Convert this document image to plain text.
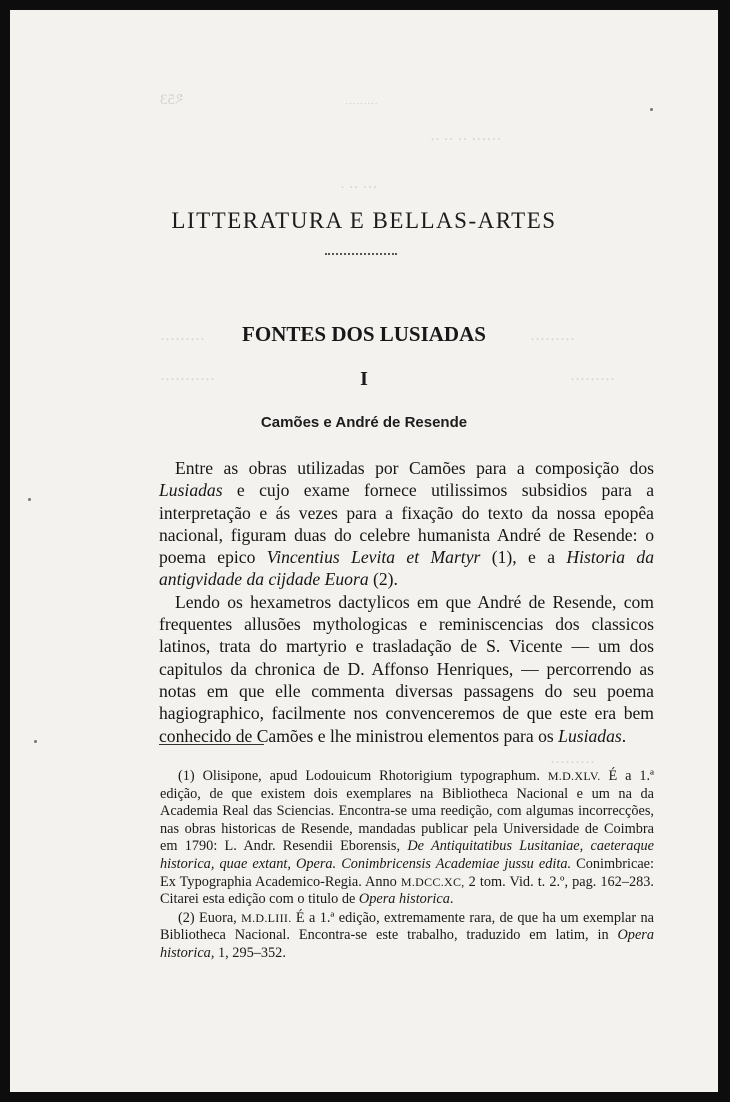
ঽ53	·········
·· ·· ·· ······
· ·· ···
·········	·········
···········	·········
·········
LITTERATURA E BELLAS-ARTES
FONTES DOS LUSIADAS
I
Camões e André de Resende

Entre as obras utilizadas por Camões para a composição dos Lusiadas e cujo exame fornece utilissimos subsidios para a interpretação e ás vezes para a fixação do texto da nossa epopêa nacional, figuram duas do celebre humanista André de Resende: o poema epico Vincentius Levita et Martyr (1), e a Historia da antigvidade da cijdade Euora (2).

Lendo os hexametros dactylicos em que André de Resende, com frequentes allusões mythologicas e reminiscencias dos classicos latinos, trata do martyrio e trasladação de S. Vicente — um dos capitulos da chronica de D. Affonso Henriques, — percorrendo as notas em que elle commenta diversas passagens do seu poema hagiographico, facilmente nos convenceremos de que este era bem conhecido de Camões e lhe ministrou elementos para os Lusiadas.

(1) Olisipone, apud Lodouicum Rhotorigium typographum. M.D.XLV. É a 1.ª edição, de que existem dois exemplares na Bibliotheca Nacional e um na da Academia Real das Sciencias. Encontra-se uma reedição, com algumas incorrecções, nas obras historicas de Resende, mandadas publicar pela Universidade de Coimbra em 1790: L. Andr. Resendii Eborensis, De Antiquitatibus Lusitaniae, caeteraque historica, quae extant, Opera. Conimbricensis Academiae jussu edita. Conimbricae: Ex Typographia Academico-Regia. Anno M.DCC.XC, 2 tom. Vid. t. 2.º, pag. 162–283. Citarei esta edição com o titulo de Opera historica.

(2) Euora, M.D.LIII. É a 1.ª edição, extremamente rara, de que ha um exemplar na Bibliotheca Nacional. Encontra-se este trabalho, traduzido em latim, in Opera historica, 1, 295–352.
